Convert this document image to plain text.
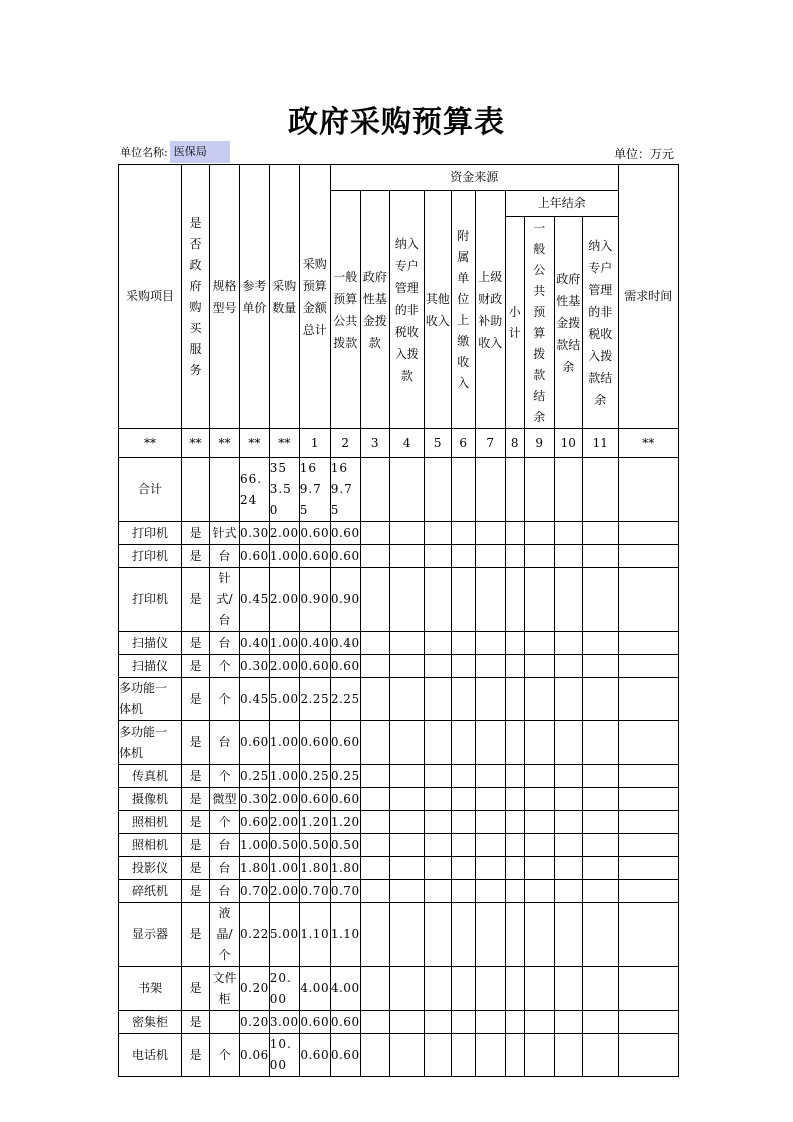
政府采购预算表
单位名称: 医保局	单位：万元
采购项目	是否政府购买服务	规格型号	参考单价	采购数量	采购预算金额总计	资金来源										需求时间
						一般预算公共拨款	政府性基金拨款	纳入专户管理的非税收入拨款	其他收入	附属单位上缴收入	上级财政补助收入	上年结余				
												小计	一般公共预算拨款结余	政府性基金拨款结余	纳入专户管理的非税收入拨款结余	
**	**	**	**	**	1	2	3	4	5	6	7	8	9	10	11	**
合计			66.24	353.50	169.75	169.75										

打印机	是	针式	0.30	2.00	0.60	0.60										
打印机	是	台	0.60	1.00	0.60	0.60										
打印机	是	针式/台	0.45	2.00	0.90	0.90										
扫描仪	是	台	0.40	1.00	0.40	0.40										
扫描仪	是	个	0.30	2.00	0.60	0.60										

多功能一体机	是	个	0.45	5.00	2.25	2.25										

多功能一体机	是	台	0.60	1.00	0.60	0.60										
传真机	是	个	0.25	1.00	0.25	0.25										
摄像机	是	微型	0.30	2.00	0.60	0.60										
照相机	是	个	0.60	2.00	1.20	1.20										
照相机	是	台	1.00	0.50	0.50	0.50										
投影仪	是	台	1.80	1.00	1.80	1.80										
碎纸机	是	台	0.70	2.00	0.70	0.70										
显示器	是	液晶/个	0.22	5.00	1.10	1.10										
书架	是	文件柜	0.20	20.00	4.00	4.00										
密集柜	是		0.20	3.00	0.60	0.60										
电话机	是	个	0.06	10.00	0.60	0.60										
